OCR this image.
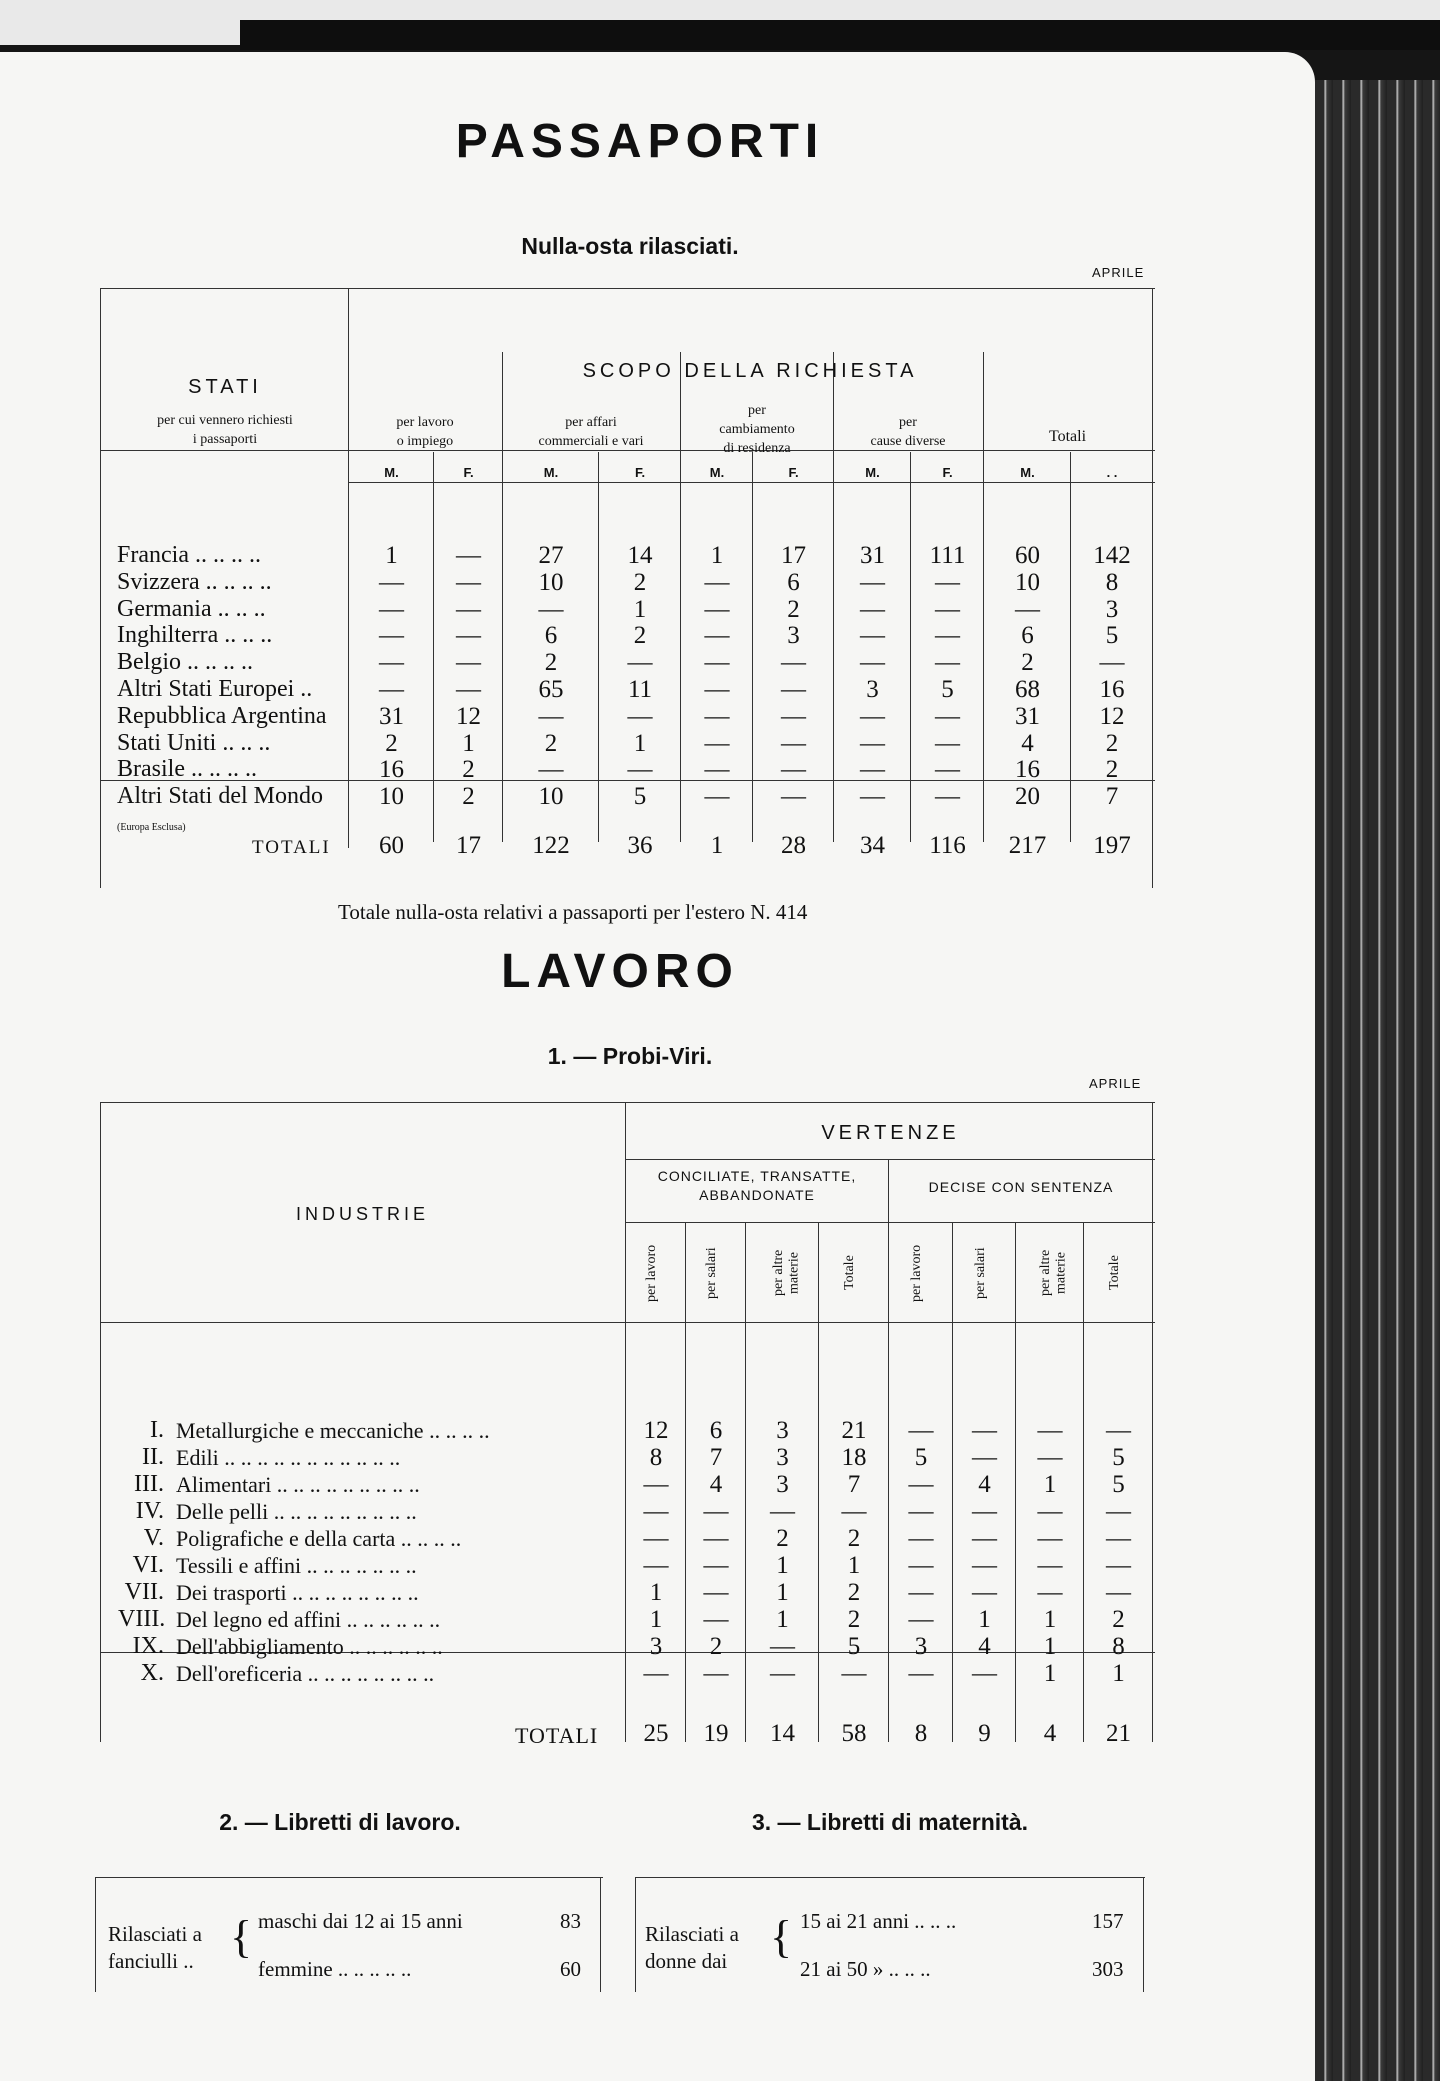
PASSAPORTI
Nulla-osta rilasciati.
APRILE
STATI
per cui vennero richiesti
i passaporti
SCOPO DELLA RICHIESTA
per lavoro
o impiego
per affari
commerciali e vari
per
cambiamento
di residenza
per
cause diverse	Totali
M.	F.	M.	F.	M.	F.	M.	F.	M.	. .
Francia .. .. .. ..	1	—	27	14	1	17	31	111	60	142
Svizzera .. .. .. ..	—	—	10	2	—	6	—	—	10	8
Germania .. .. ..	—	—	—	1	—	2	—	—	—	3
Inghilterra .. .. ..	—	—	6	2	—	3	—	—	6	5
Belgio .. .. .. ..	—	—	2	—	—	—	—	—	2	—
Altri Stati Europei ..	—	—	65	11	—	—	3	5	68	16
Repubblica Argentina	31	12	—	—	—	—	—	—	31	12
Stati Uniti .. .. ..	2	1	2	1	—	—	—	—	4	2
Brasile .. .. .. ..	16	2	—	—	—	—	—	—	16	2
Altri Stati del Mondo	10	2	10	5	—	—	—	—	20	7
(Europa Esclusa)
TOTALI	60	17	122	36	1	28	34	116	217	197
Totale nulla-osta relativi a passaporti per l'estero N. 414
LAVORO
1. — Probi-Viri.
APRILE
INDUSTRIE
VERTENZE
CONCILIATE, TRANSATTE,
ABBANDONATE	DECISE CON SENTENZA
per lavoro	per salari	per altre materie	Totale	per lavoro	per salari	per altre materie	Totale
I. Metallurgiche e meccaniche .. .. .. ..	12	6	3	21	—	—	—	—
II. Edili .. .. .. .. .. .. .. .. .. .. ..	8	7	3	18	5	—	—	5
III. Alimentari .. .. .. .. .. .. .. .. ..	—	4	3	7	—	4	1	5
IV. Delle pelli .. .. .. .. .. .. .. .. ..	—	—	—	—	—	—	—	—
V. Poligrafiche e della carta .. .. .. ..	—	—	2	2	—	—	—	—
VI. Tessili e affini .. .. .. .. .. .. ..	—	—	1	1	—	—	—	—
VII. Dei trasporti .. .. .. .. .. .. .. ..	1	—	1	2	—	—	—	—
VIII. Del legno ed affini .. .. .. .. .. ..	1	—	1	2	—	1	1	2
IX. Dell'abbigliamento .. .. .. .. .. ..	3	2	—	5	3	4	1	8
X. Dell'oreficeria .. .. .. .. .. .. .. ..	—	—	—	—	—	—	1	1
TOTALI	25	19	14	58	8	9	4	21
2. — Libretti di lavoro.	3. — Libretti di maternità.
Rilasciati a
fanciulli .. { maschi dai 12 ai 15 anni	83
femmine .. .. .. .. ..	60
Rilasciati a
donne dai { 15 ai 21 anni .. .. ..	157
21 ai 50 » .. .. ..	303
